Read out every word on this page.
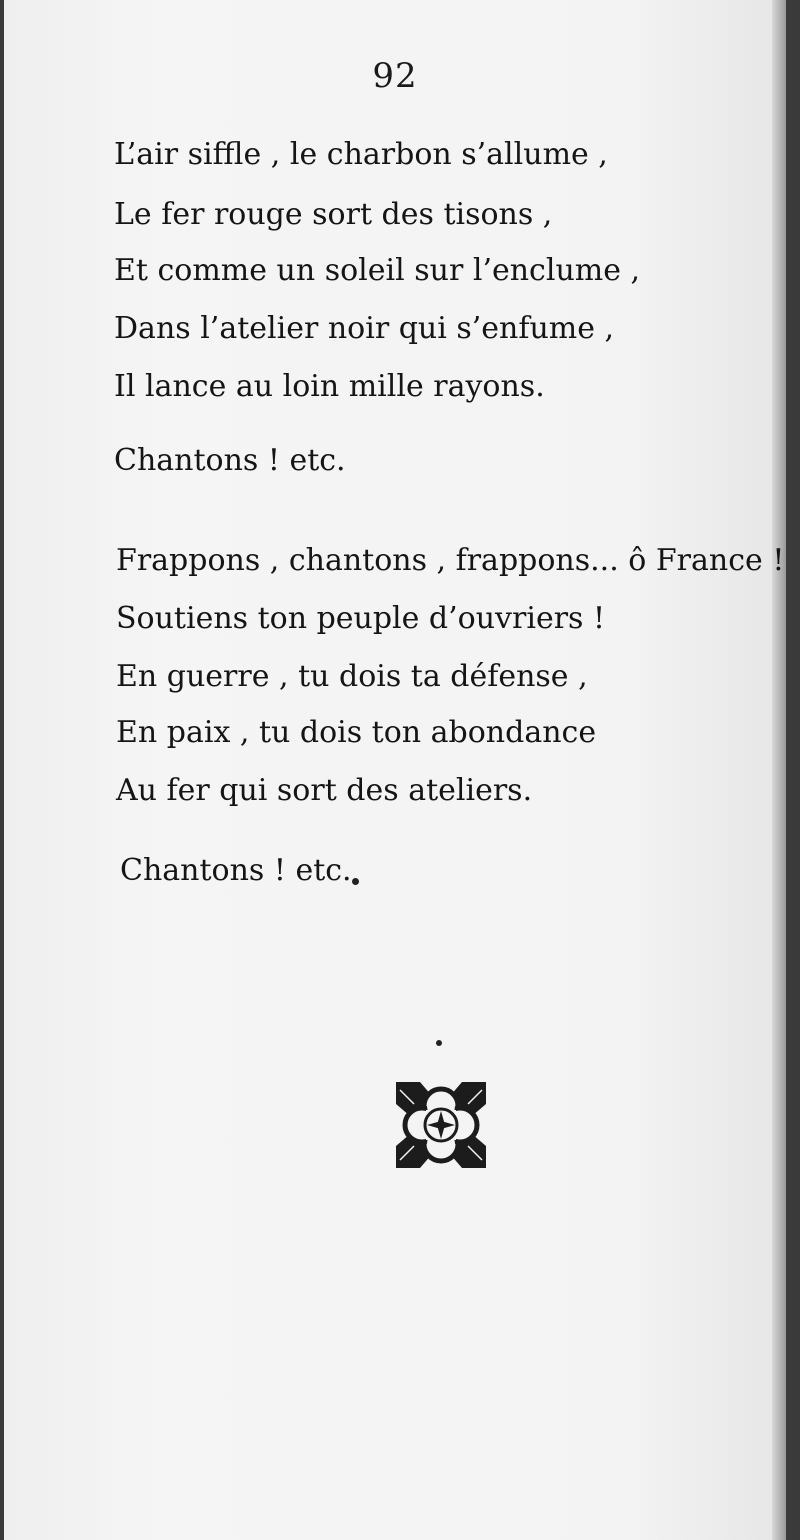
92
L’air siffle , le charbon s’allume ,
Le fer rouge sort des tisons ,
Et comme un soleil sur l’enclume ,
Dans l’atelier noir qui s’enfume ,
Il lance au loin mille rayons.
Chantons ! etc.
Frappons , chantons , frappons... ô France !
Soutiens ton peuple d’ouvriers !
En guerre , tu dois ta défense ,
En paix , tu dois ton abondance
Au fer qui sort des ateliers.
Chantons ! etc.
